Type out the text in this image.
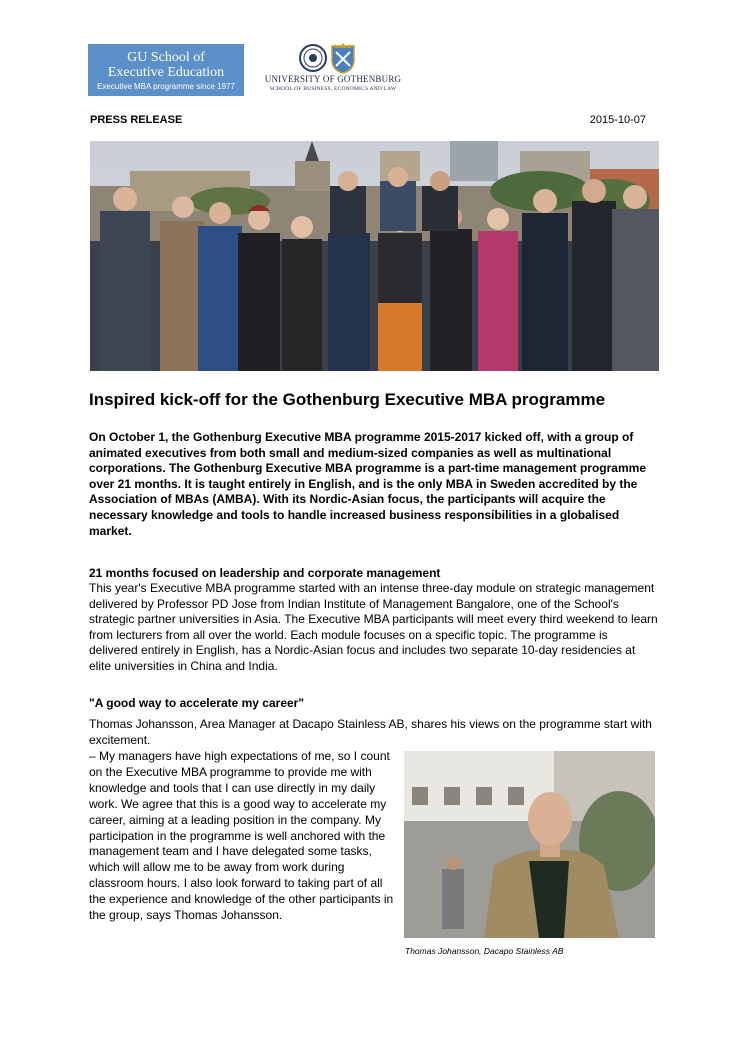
GU School of
Executive Education
Executive MBA programme since 1977
UNIVERSITY OF GOTHENBURG
SCHOOL OF BUSINESS, ECONOMICS AND LAW
PRESS RELEASE	2015-10-07
Inspired kick-off for the Gothenburg Executive MBA programme
On October 1, the Gothenburg Executive MBA programme 2015-2017 kicked off, with a group of animated executives from both small and medium-sized companies as well as multinational corporations. The Gothenburg Executive MBA programme is a part-time management programme over 21 months. It is taught entirely in English, and is the only MBA in Sweden accredited by the Association of MBAs (AMBA). With its Nordic-Asian focus, the participants will acquire the necessary knowledge and tools to handle increased business responsibilities in a globalised market.
21 months focused on leadership and corporate management
This year's Executive MBA programme started with an intense three-day module on strategic management delivered by Professor PD Jose from Indian Institute of Management Bangalore, one of the School's strategic partner universities in Asia. The Executive MBA participants will meet every third weekend to learn from lecturers from all over the world. Each module focuses on a specific topic. The programme is delivered entirely in English, has a Nordic-Asian focus and includes two separate 10-day residencies at elite universities in China and India.
"A good way to accelerate my career"
Thomas Johansson, Area Manager at Dacapo Stainless AB, shares his views on the programme start with excitement.
– My managers have high expectations of me, so I count on the Executive MBA programme to provide me with knowledge and tools that I can use directly in my daily work. We agree that this is a good way to accelerate my career, aiming at a leading position in the company. My participation in the programme is well anchored with the management team and I have delegated some tasks, which will allow me to be away from work during classroom hours. I also look forward to taking part of all the experience and knowledge of the other participants in the group, says Thomas Johansson.
Thomas Johansson, Dacapo Stainless AB
